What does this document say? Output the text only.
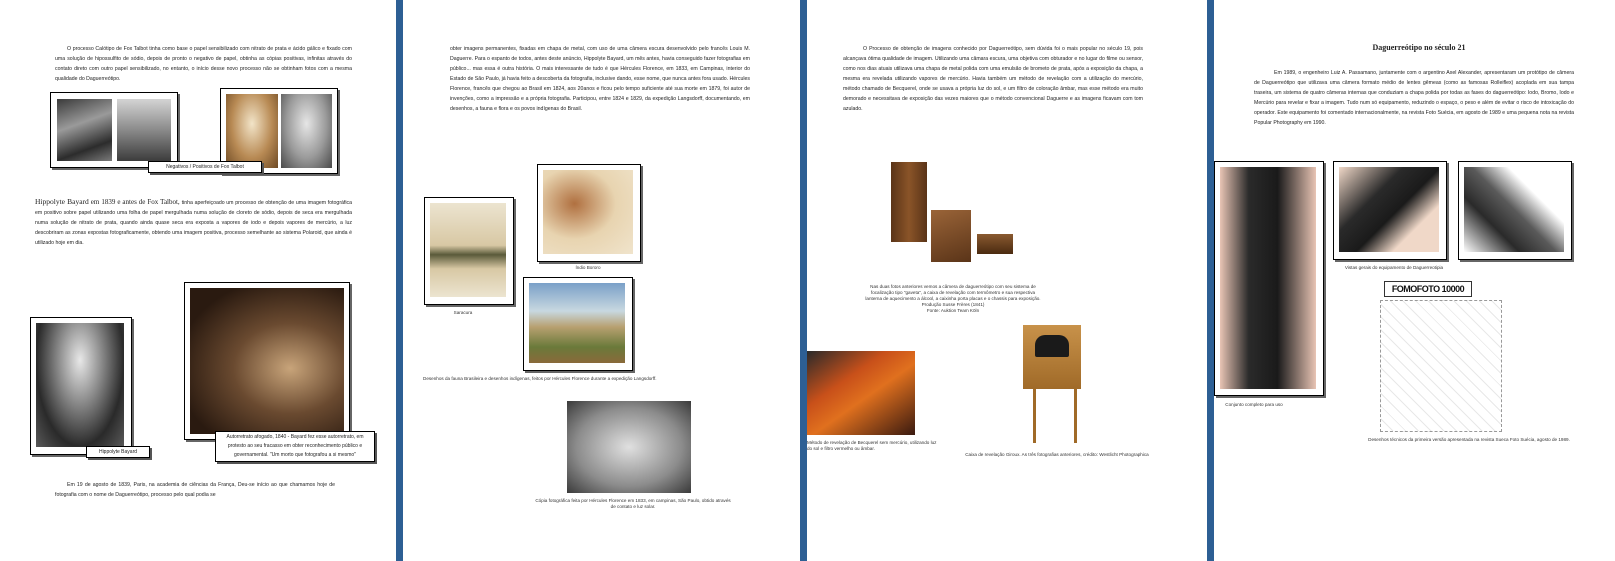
O processo Calótipo de Fox Talbot tinha como base o papel sensibilizado com nitrato de prata e ácido gálico e fixado com uma solução de hipossulfito de sódio, depois de pronto o negativo de papel, obtinha as cópias positivas, infinitas através do contato direto com outro papel sensibilizado, no entanto, o início desse novo processo não se obtinham fotos com a mesma qualidade do Daguerreótipo.
Negativos / Positivos de Fox Talbot
Hippolyte Bayard em 1839 e antes de Fox Talbot, tinha aperfeiçoado um processo de obtenção de uma imagem fotográfica em positivo sobre papel utilizando uma folha de papel mergulhada numa solução de cloreto de sódio, depois de seca era mergulhada numa solução de nitrato de prata, quando ainda quase seca era exposta a vapores de iodo e depois vapores de mercúrio, a luz descobriram as zonas expostas fotograficamente, obtendo uma imagem positiva, processo semelhante ao sistema Polaroid, que ainda é utilizado hoje em dia.
Hippolyte Bayard
Autorretrato afogado, 1840 - Bayard fez esse autorretrato, em protesto ao seu fracasso em obter reconhecimento público e governamental. "Um morto que fotografou a si mesmo"
Em 19 de agosto de 1839, Paris, na academia de ciências da França, Deu-se início ao que chamamos hoje de fotografia com o nome de Daguerreótipo, processo pelo qual podia se
obter imagens permanentes, fixadas em chapa de metal, com uso de uma câmera escura desenvolvido pelo francês Louis M. Daguerre. Para o espanto de todos, antes deste anúncio, Hippolyte Bayard, um mês antes, havia conseguido fazer fotografias em público... mas essa é outra história. O mais interessante de tudo é que Hércules Florence, em 1833, em Campinas, interior do Estado de São Paulo, já havia feito a descoberta da fotografia, inclusive dando, esse nome, que nunca antes fora usado. Hércules Florence, francês que chegou ao Brasil em 1824, aos 20anos e ficou pelo tempo suficiente até sua morte em 1879, foi autor de invenções, como a impressão e a própria fotografia. Participou, entre 1824 e 1829, da expedição Langsdorff, documentando, em desenhos, a fauna e flora e os povos indígenas do Brasil.
Saracura
Índio Bororo
Desenhos da fauna Brasileira e desenhos indígenas, feitos por Hércules Florence durante a expedição Langsdorff.
Cópia fotográfica feita por Hércules Florence em 1833, em campinas, São Paulo, obtido através de contato e luz solar.
O Processo de obtenção de imagens conhecido por Daguerreótipo, sem dúvida foi o mais popular no século 19, pois alcançava ótima qualidade de imagem. Utilizando uma câmara escura, uma objetiva com obturador e no lugar do filme ou sensor, como nos dias atuais utilizava uma chapa de metal polida com uma emulsão de brometo de prata, após a exposição da chapa, a mesma era revelada utilizando vapores de mercúrio. Havia também um método de revelação com a utilização do mercúrio, método chamado de Becquerel, onde se usava a própria luz do sol, e um filtro de coloração âmbar, mas esse método era muito demorado e necessitava de exposição das vezes maiores que o método convencional Daguerre e as imagens ficavam com tom azulado.
Nas duas fotos anteriores vemos a câmera de daguerreótipo com seu sistema de focalização tipo "gaveta", a caixa de revelação com termômetro e sua respectiva lanterna de aquecimento a álcool, a caixinha porta placas e o chassis para exposição. Produção Susse Frères (1841)
Fonte: Auktion Team Köln
Método de revelação de Becquerel sem mercúrio, utilizando luz do sol e filtro vermelho ou âmbar.
Caixa de revelação Giroux. As três fotografias anteriores, crédito: Westlicht Photographica
Daguerreótipo no século 21
Em 1989, o engenheiro Luiz A. Passamano, juntamente com o argentino Axel Alexander, apresentaram um protótipo de câmera de Daguerreótipo que utilizava uma câmera formato médio de lentes gêmeas (como as famosas Rolleiflex) acoplada em sua tampa traseira, um sistema de quatro câmeras internas que conduziam a chapa polida por todas as fases do daguerreótipo: Iodo, Bromo, Iodo e Mercúrio para revelar e fixar a imagem. Tudo num só equipamento, reduzindo o espaço, o peso e além de evitar o risco de intoxicação do operador. Este equipamento foi comentado internacionalmente, na revista Foto Suécia, em agosto de 1989 e uma pequena nota na revista Popular Photography em 1990.
Conjunto completo para uso
Vistas gerais do equipamento de Daguerreotipia
FOMOFOTO 10000
Desenhos técnicos da primeira versão apresentada na revista Sueca Foto Suécia, agosto de 1989.
